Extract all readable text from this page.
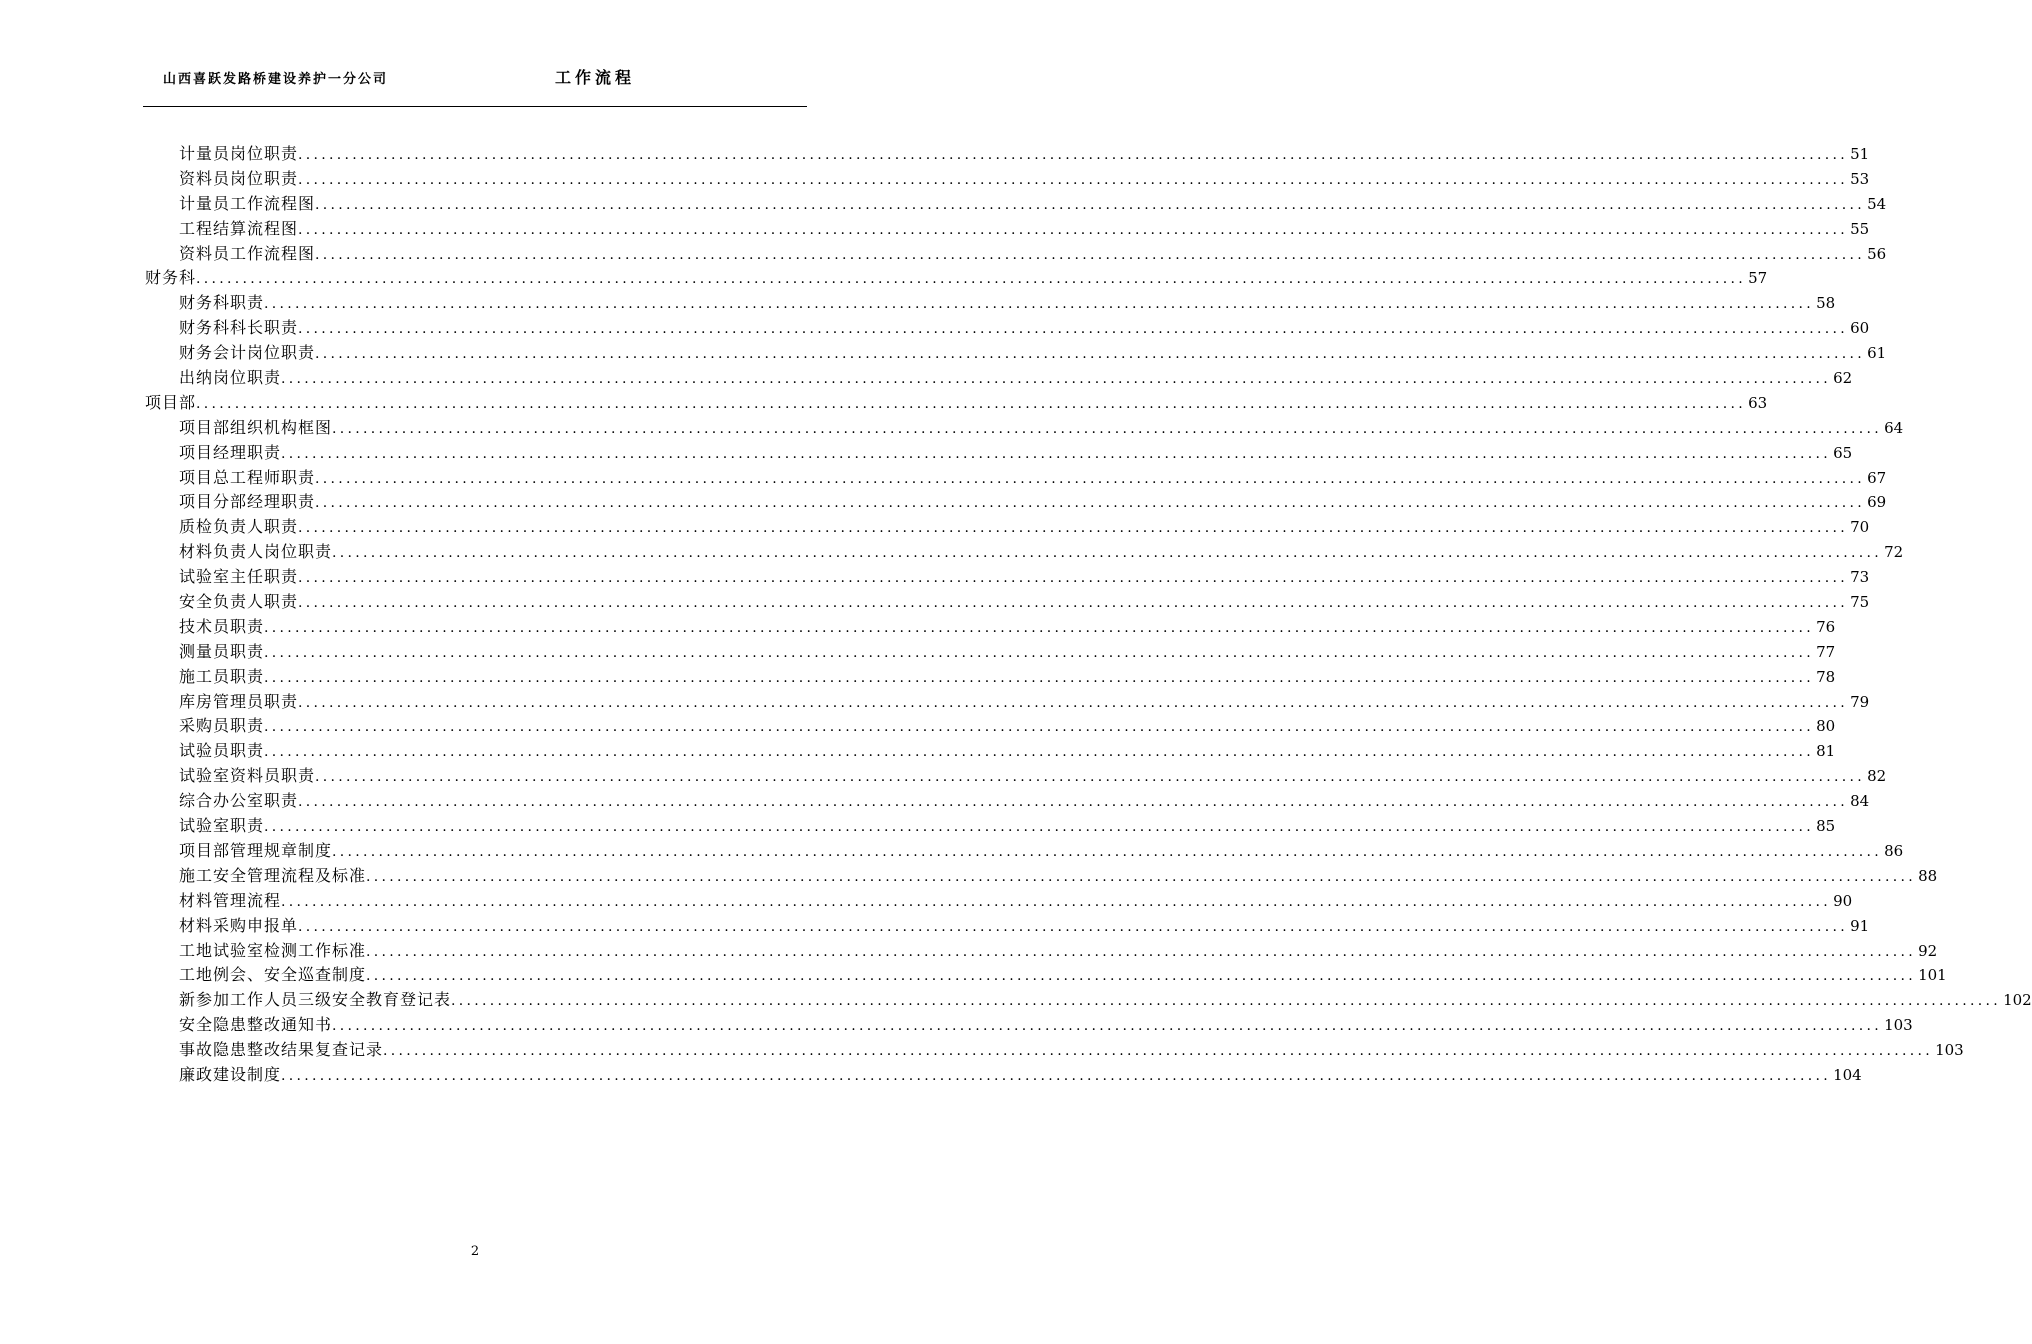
山西喜跃发路桥建设养护一分公司	工作流程
计量员岗位职责 ........................................................................................................................................................................................................ 51
资料员岗位职责 ........................................................................................................................................................................................................ 53
计量员工作流程图 ........................................................................................................................................................................................................ 54
工程结算流程图 ........................................................................................................................................................................................................ 55
资料员工作流程图 ........................................................................................................................................................................................................ 56
财务科 ........................................................................................................................................................................................................ 57
财务科职责 ........................................................................................................................................................................................................ 58
财务科科长职责 ........................................................................................................................................................................................................ 60
财务会计岗位职责 ........................................................................................................................................................................................................ 61
出纳岗位职责 ........................................................................................................................................................................................................ 62
项目部 ........................................................................................................................................................................................................ 63
项目部组织机构框图 ........................................................................................................................................................................................................ 64
项目经理职责 ........................................................................................................................................................................................................ 65
项目总工程师职责 ........................................................................................................................................................................................................ 67
项目分部经理职责 ........................................................................................................................................................................................................ 69
质检负责人职责 ........................................................................................................................................................................................................ 70
材料负责人岗位职责 ........................................................................................................................................................................................................ 72
试验室主任职责 ........................................................................................................................................................................................................ 73
安全负责人职责 ........................................................................................................................................................................................................ 75
技术员职责 ........................................................................................................................................................................................................ 76
测量员职责 ........................................................................................................................................................................................................ 77
施工员职责 ........................................................................................................................................................................................................ 78
库房管理员职责 ........................................................................................................................................................................................................ 79
采购员职责 ........................................................................................................................................................................................................ 80
试验员职责 ........................................................................................................................................................................................................ 81
试验室资料员职责 ........................................................................................................................................................................................................ 82
综合办公室职责 ........................................................................................................................................................................................................ 84
试验室职责 ........................................................................................................................................................................................................ 85
项目部管理规章制度 ........................................................................................................................................................................................................ 86
施工安全管理流程及标准 ........................................................................................................................................................................................................ 88
材料管理流程 ........................................................................................................................................................................................................ 90
材料采购申报单 ........................................................................................................................................................................................................ 91
工地试验室检测工作标准 ........................................................................................................................................................................................................ 92
工地例会、安全巡查制度 ........................................................................................................................................................................................................ 101
新参加工作人员三级安全教育登记表 ........................................................................................................................................................................................................ 102
安全隐患整改通知书 ........................................................................................................................................................................................................ 103
事故隐患整改结果复查记录 ........................................................................................................................................................................................................ 103
廉政建设制度 ........................................................................................................................................................................................................ 104
2
